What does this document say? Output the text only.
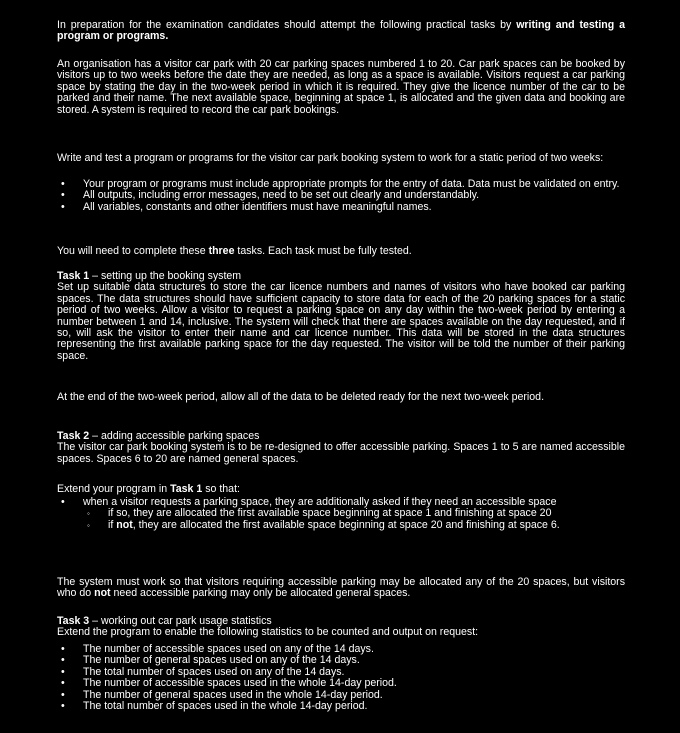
In preparation for the examination candidates should attempt the following practical tasks by writing and testing a program or programs.

An organisation has a visitor car park with 20 car parking spaces numbered 1 to 20. Car park spaces can be booked by visitors up to two weeks before the date they are needed, as long as a space is available. Visitors request a car parking space by stating the day in the two-week period in which it is required. They give the licence number of the car to be parked and their name. The next available space, beginning at space 1, is allocated and the given data and booking are stored. A system is required to record the car park bookings.

Write and test a program or programs for the visitor car park booking system to work for a static period of two weeks:

• Your program or programs must include appropriate prompts for the entry of data. Data must be validated on entry.
• All outputs, including error messages, need to be set out clearly and understandably.
• All variables, constants and other identifiers must have meaningful names.

You will need to complete these three tasks. Each task must be fully tested.

Task 1 – setting up the booking system

Set up suitable data structures to store the car licence numbers and names of visitors who have booked car parking spaces. The data structures should have sufficient capacity to store data for each of the 20 parking spaces for a static period of two weeks. Allow a visitor to request a parking space on any day within the two-week period by entering a number between 1 and 14, inclusive. The system will check that there are spaces available on the day requested, and if so, will ask the visitor to enter their name and car licence number. This data will be stored in the data structures representing the first available parking space for the day requested. The visitor will be told the number of their parking space.

At the end of the two-week period, allow all of the data to be deleted ready for the next two-week period.

Task 2 – adding accessible parking spaces

The visitor car park booking system is to be re-designed to offer accessible parking. Spaces 1 to 5 are named accessible spaces. Spaces 6 to 20 are named general spaces.

Extend your program in Task 1 so that:

• when a visitor requests a parking space, they are additionally asked if they need an accessible space
◦ if so, they are allocated the first available space beginning at space 1 and finishing at space 20
◦ if not, they are allocated the first available space beginning at space 20 and finishing at space 6.

The system must work so that visitors requiring accessible parking may be allocated any of the 20 spaces, but visitors who do not need accessible parking may only be allocated general spaces.

Task 3 – working out car park usage statistics

Extend the program to enable the following statistics to be counted and output on request:

• The number of accessible spaces used on any of the 14 days.
• The number of general spaces used on any of the 14 days.
• The total number of spaces used on any of the 14 days.
• The number of accessible spaces used in the whole 14-day period.
• The number of general spaces used in the whole 14-day period.
• The total number of spaces used in the whole 14-day period.
